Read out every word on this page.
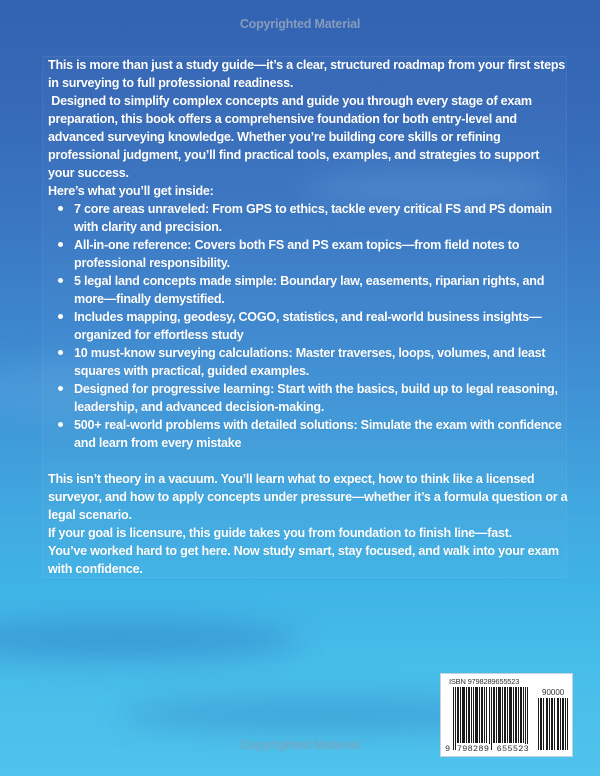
Copyrighted Material

This is more than just a study guide—it’s a clear, structured roadmap from your first steps in surveying to full professional readiness.

Designed to simplify complex concepts and guide you through every stage of exam preparation, this book offers a comprehensive foundation for both entry-level and advanced surveying knowledge. Whether you’re building core skills or refining professional judgment, you’ll find practical tools, examples, and strategies to support your success.

Here’s what you’ll get inside:

7 core areas unraveled: From GPS to ethics, tackle every critical FS and PS domain with clarity and precision.
All-in-one reference: Covers both FS and PS exam topics—from field notes to professional responsibility.
5 legal land concepts made simple: Boundary law, easements, riparian rights, and more—finally demystified.
Includes mapping, geodesy, COGO, statistics, and real-world business insights—organized for effortless study
10 must-know surveying calculations: Master traverses, loops, volumes, and least squares with practical, guided examples.
Designed for progressive learning: Start with the basics, build up to legal reasoning, leadership, and advanced decision-making.
500+ real-world problems with detailed solutions: Simulate the exam with confidence and learn from every mistake

This isn’t theory in a vacuum. You’ll learn what to expect, how to think like a licensed surveyor, and how to apply concepts under pressure—whether it’s a formula question or a legal scenario.

If your goal is licensure, this guide takes you from foundation to finish line—fast.

You’ve worked hard to get here. Now study smart, stay focused, and walk into your exam with confidence.

ISBN 9798289655523
90000
9 798289 655523
Copyrighted Material
